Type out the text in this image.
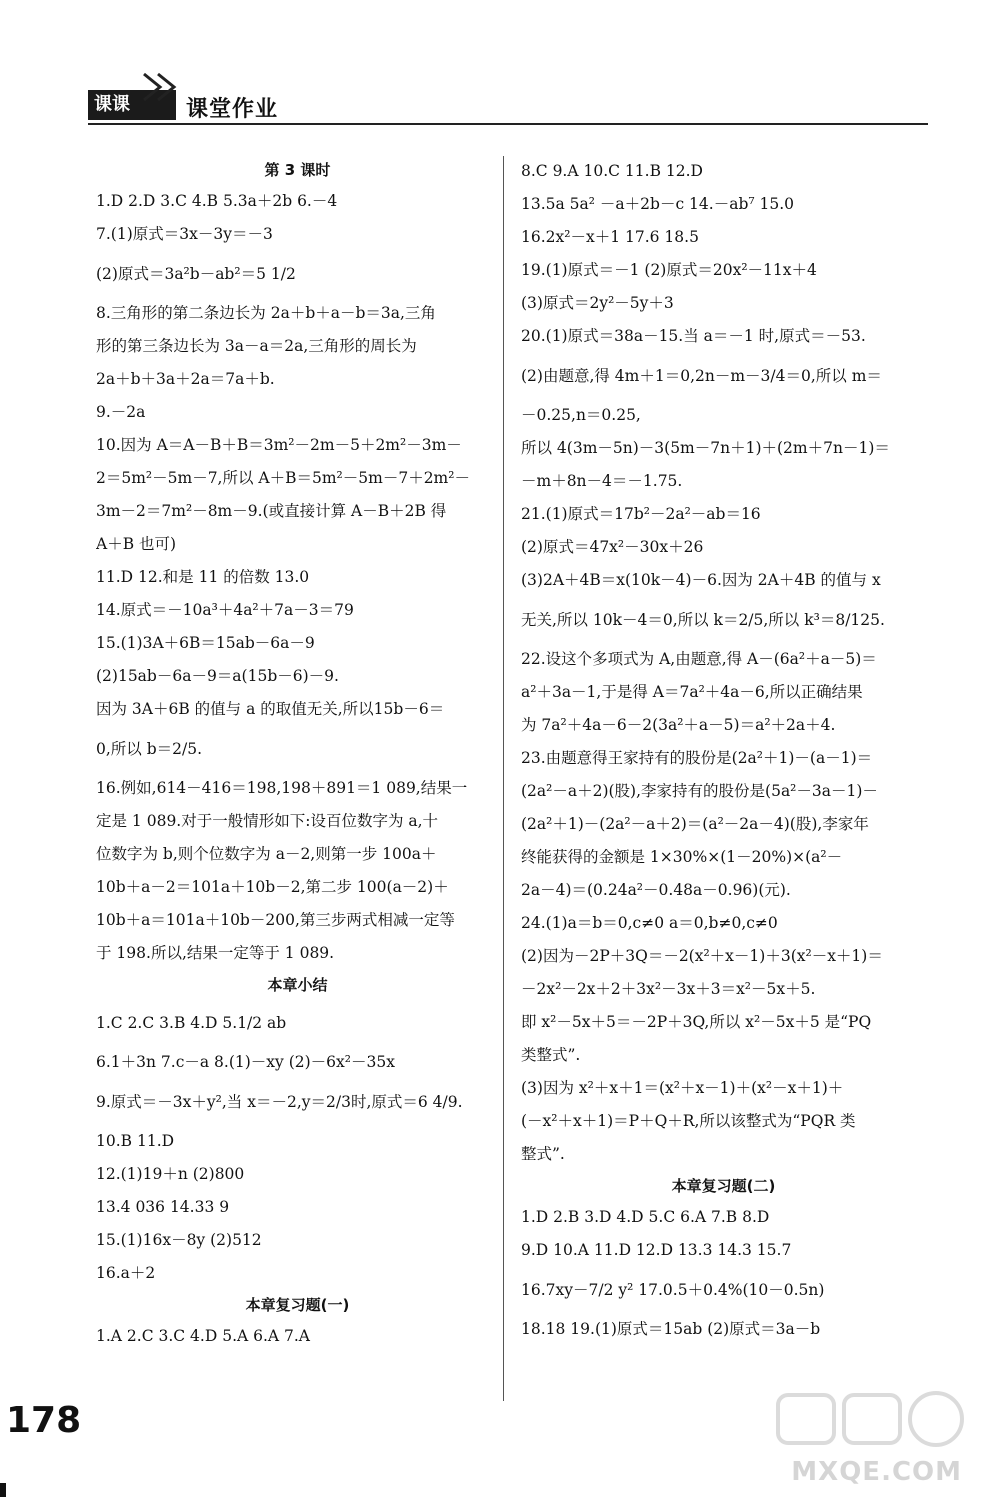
课课	课堂作业
第 3 课时
1.D 2.D 3.C 4.B 5.3a＋2b 6.－4
7.(1)原式＝3x－3y＝－3
(2)原式＝3a²b－ab²＝5 1/2
8.三角形的第二条边长为 2a＋b＋a－b＝3a,三角
形的第三条边长为 3a－a＝2a,三角形的周长为
2a＋b＋3a＋2a＝7a＋b.
9.－2a
10.因为 A＝A－B＋B＝3m²－2m－5＋2m²－3m－
2＝5m²－5m－7,所以 A＋B＝5m²－5m－7＋2m²－
3m－2＝7m²－8m－9.(或直接计算 A－B＋2B 得
A＋B 也可)
11.D 12.和是 11 的倍数 13.0
14.原式＝－10a³＋4a²＋7a－3＝79
15.(1)3A＋6B＝15ab－6a－9
(2)15ab－6a－9＝a(15b－6)－9.
因为 3A＋6B 的值与 a 的取值无关,所以15b－6＝
0,所以 b＝2/5.
16.例如,614－416＝198,198＋891＝1 089,结果一
定是 1 089.对于一般情形如下:设百位数字为 a,十
位数字为 b,则个位数字为 a－2,则第一步 100a＋
10b＋a－2＝101a＋10b－2,第二步 100(a－2)＋
10b＋a＝101a＋10b－200,第三步两式相减一定等
于 198.所以,结果一定等于 1 089.
本章小结
1.C 2.C 3.B 4.D 5.1/2 ab
6.1＋3n 7.c－a 8.(1)－xy (2)－6x²－35x
9.原式＝－3x＋y²,当 x＝－2,y＝2/3时,原式＝6 4/9.
10.B 11.D
12.(1)19＋n (2)800
13.4 036 14.33 9
15.(1)16x－8y (2)512
16.a＋2
本章复习题(一)
1.A 2.C 3.C 4.D 5.A 6.A 7.A
8.C 9.A 10.C 11.B 12.D
13.5a 5a² －a＋2b－c 14.－ab⁷ 15.0
16.2x²－x＋1 17.6 18.5
19.(1)原式＝－1 (2)原式＝20x²－11x＋4
(3)原式＝2y²－5y＋3
20.(1)原式＝38a－15.当 a＝－1 时,原式＝－53.
(2)由题意,得 4m＋1＝0,2n－m－3/4＝0,所以 m＝
－0.25,n＝0.25,
所以 4(3m－5n)－3(5m－7n＋1)＋(2m＋7n－1)＝
－m＋8n－4＝－1.75.
21.(1)原式＝17b²－2a²－ab＝16
(2)原式＝47x²－30x＋26
(3)2A＋4B＝x(10k－4)－6.因为 2A＋4B 的值与 x
无关,所以 10k－4＝0,所以 k＝2/5,所以 k³＝8/125.
22.设这个多项式为 A,由题意,得 A－(6a²＋a－5)＝
a²＋3a－1,于是得 A＝7a²＋4a－6,所以正确结果
为 7a²＋4a－6－2(3a²＋a－5)＝a²＋2a＋4.
23.由题意得王家持有的股份是(2a²＋1)－(a－1)＝
(2a²－a＋2)(股),李家持有的股份是(5a²－3a－1)－
(2a²＋1)－(2a²－a＋2)＝(a²－2a－4)(股),李家年
终能获得的金额是 1×30%×(1－20%)×(a²－
2a－4)＝(0.24a²－0.48a－0.96)(元).
24.(1)a＝b＝0,c≠0 a＝0,b≠0,c≠0
(2)因为－2P＋3Q＝－2(x²＋x－1)＋3(x²－x＋1)＝
－2x²－2x＋2＋3x²－3x＋3＝x²－5x＋5.
即 x²－5x＋5＝－2P＋3Q,所以 x²－5x＋5 是“PQ
类整式”.
(3)因为 x²＋x＋1＝(x²＋x－1)＋(x²－x＋1)＋
(－x²＋x＋1)＝P＋Q＋R,所以该整式为“PQR 类
整式”.
本章复习题(二)
1.D 2.B 3.D 4.D 5.C 6.A 7.B 8.D
9.D 10.A 11.D 12.D 13.3 14.3 15.7
16.7xy－7/2 y² 17.0.5＋0.4%(10－0.5n)
18.18 19.(1)原式＝15ab (2)原式＝3a－b
178
MXQE.COM
